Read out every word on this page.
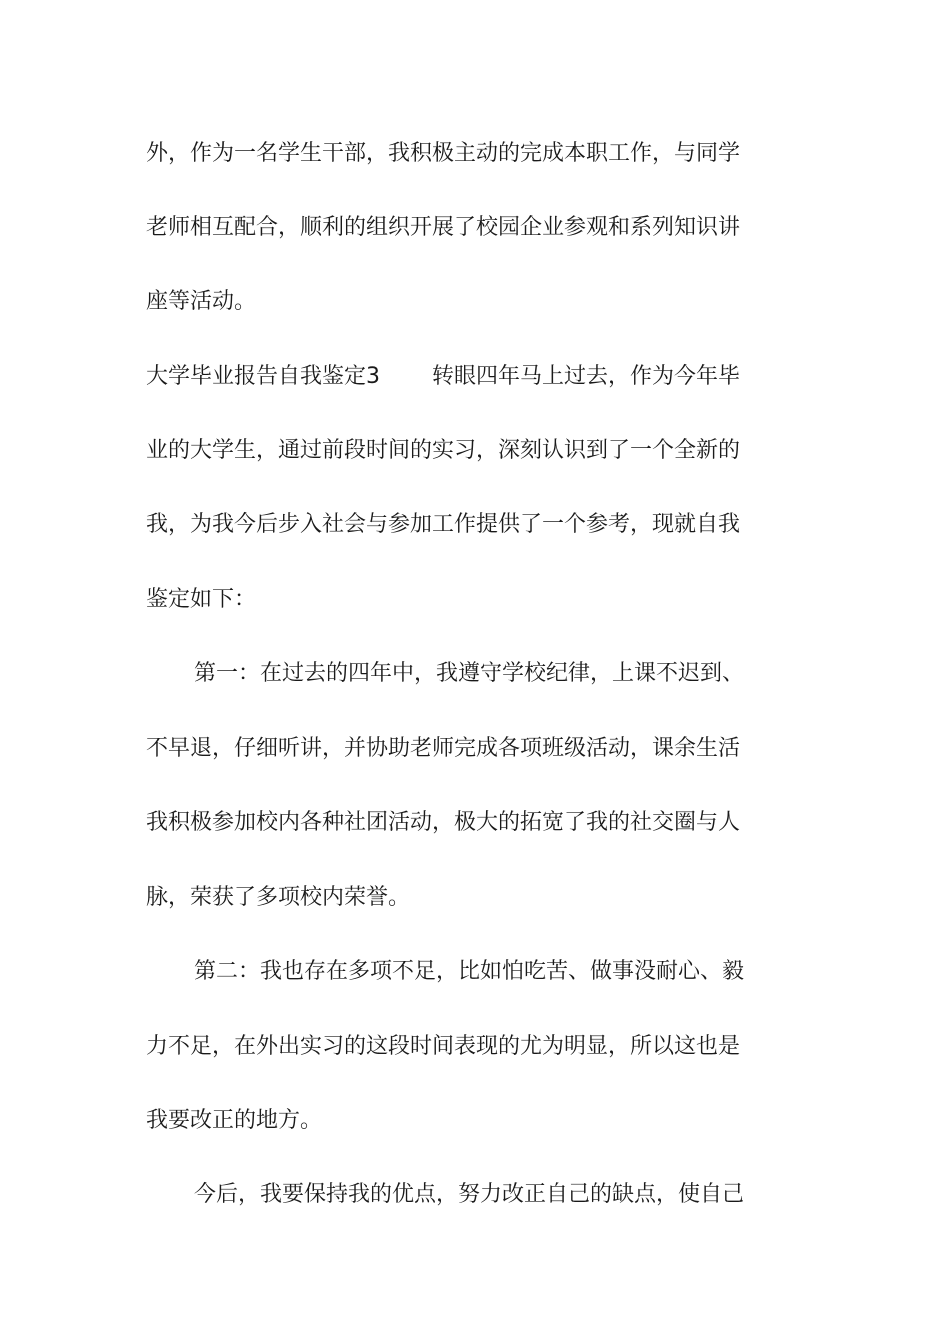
外，作为一名学生干部，我积极主动的完成本职工作，与同学
老师相互配合，顺利的组织开展了校园企业参观和系列知识讲
座等活动。
大学毕业报告自我鉴定3 转眼四年马上过去，作为今年毕
业的大学生，通过前段时间的实习，深刻认识到了一个全新的
我，为我今后步入社会与参加工作提供了一个参考，现就自我
鉴定如下：
第一：在过去的四年中，我遵守学校纪律，上课不迟到、
不早退，仔细听讲，并协助老师完成各项班级活动，课余生活
我积极参加校内各种社团活动，极大的拓宽了我的社交圈与人
脉，荣获了多项校内荣誉。
第二：我也存在多项不足，比如怕吃苦、做事没耐心、毅
力不足，在外出实习的这段时间表现的尤为明显，所以这也是
我要改正的地方。
今后，我要保持我的优点，努力改正自己的缺点，使自己
